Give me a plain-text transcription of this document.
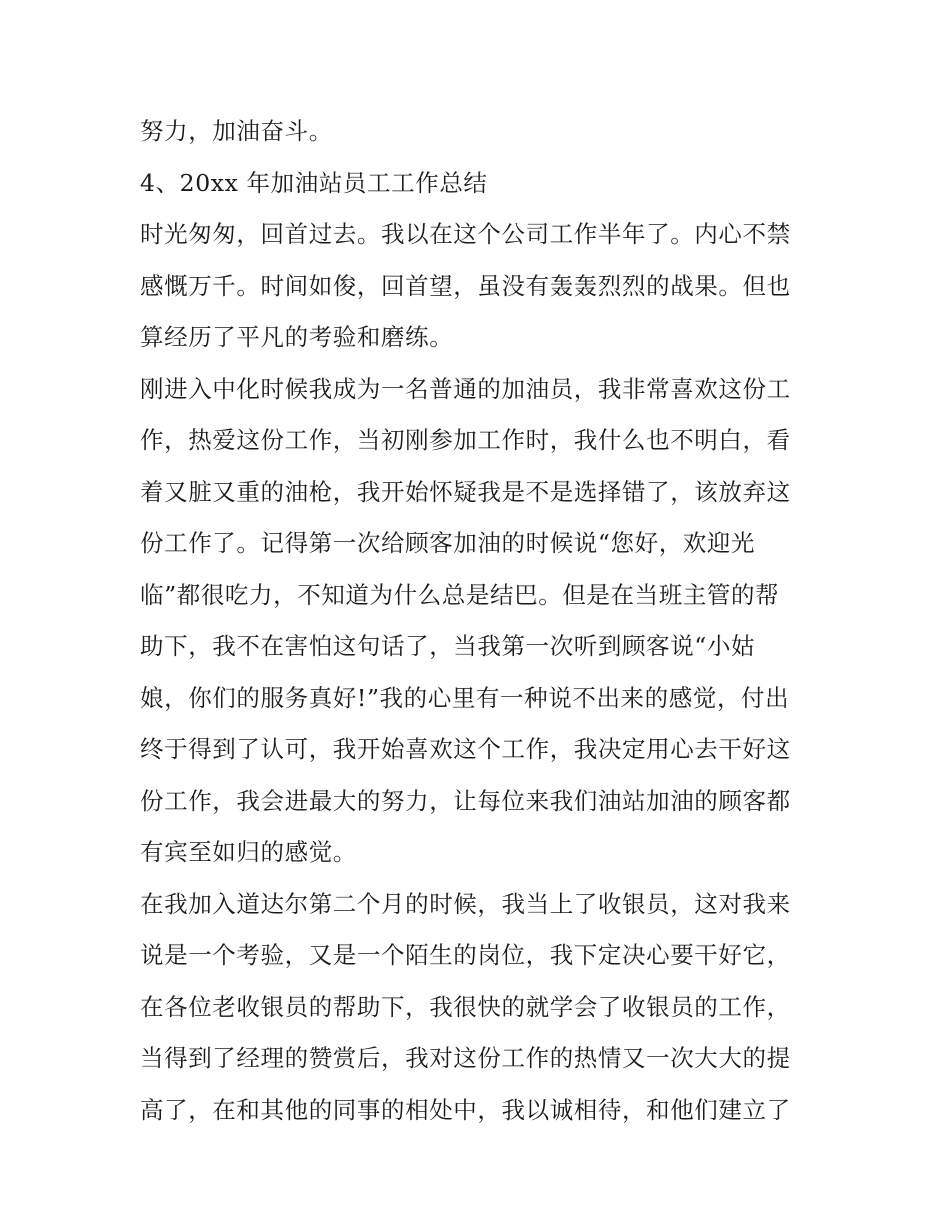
努力，加油奋斗。
4、20xx 年加油站员工工作总结
时光匆匆，回首过去。我以在这个公司工作半年了。内心不禁
感慨万千。时间如俊，回首望，虽没有轰轰烈烈的战果。但也
算经历了平凡的考验和磨练。
刚进入中化时候我成为一名普通的加油员，我非常喜欢这份工
作，热爱这份工作，当初刚参加工作时，我什么也不明白，看
着又脏又重的油枪，我开始怀疑我是不是选择错了，该放弃这
份工作了。记得第一次给顾客加油的时候说“您好，欢迎光
临”都很吃力，不知道为什么总是结巴。但是在当班主管的帮
助下，我不在害怕这句话了，当我第一次听到顾客说“小姑
娘，你们的服务真好!”我的心里有一种说不出来的感觉，付出
终于得到了认可，我开始喜欢这个工作，我决定用心去干好这
份工作，我会进最大的努力，让每位来我们油站加油的顾客都
有宾至如归的感觉。
在我加入道达尔第二个月的时候，我当上了收银员，这对我来
说是一个考验，又是一个陌生的岗位，我下定决心要干好它，
在各位老收银员的帮助下，我很快的就学会了收银员的工作，
当得到了经理的赞赏后，我对这份工作的热情又一次大大的提
高了，在和其他的同事的相处中，我以诚相待，和他们建立了
